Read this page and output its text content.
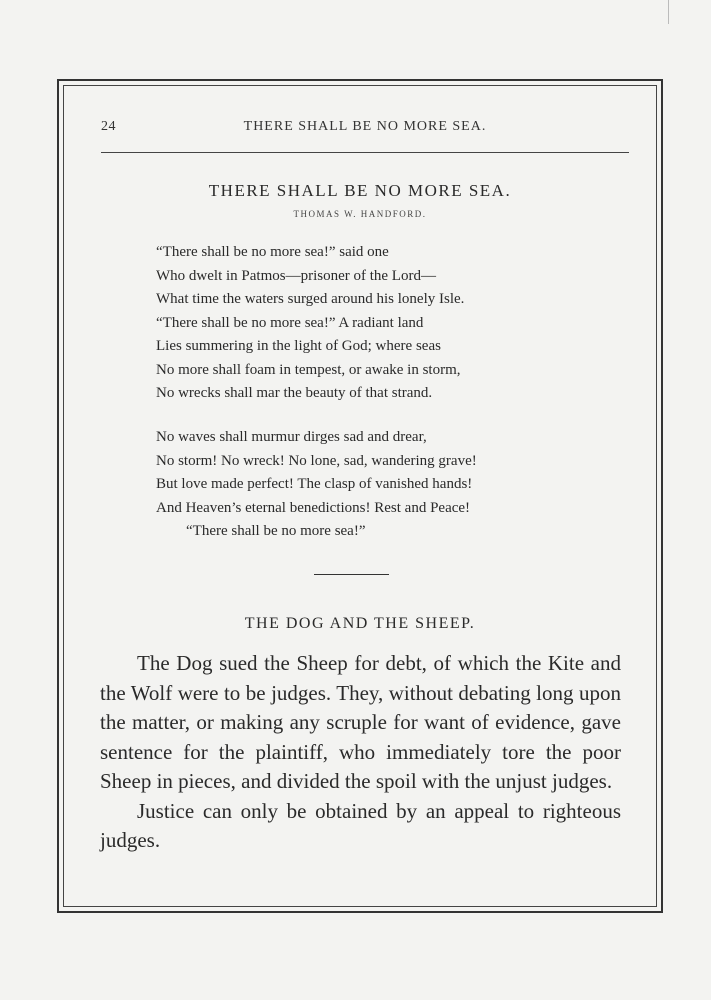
24	THERE SHALL BE NO MORE SEA.
THERE SHALL BE NO MORE SEA.
THOMAS W. HANDFORD.
“There shall be no more sea!” said one
Who dwelt in Patmos—prisoner of the Lord—
What time the waters surged around his lonely Isle.
“There shall be no more sea!” A radiant land
Lies summering in the light of God; where seas
No more shall foam in tempest, or awake in storm,
No wrecks shall mar the beauty of that strand.
No waves shall murmur dirges sad and drear,
No storm! No wreck! No lone, sad, wandering grave!
But love made perfect! The clasp of vanished hands!
And Heaven’s eternal benedictions! Rest and Peace!
“There shall be no more sea!”
THE DOG AND THE SHEEP.

The Dog sued the Sheep for debt, of which the Kite and the Wolf were to be judges. They, without debating long upon the matter, or making any scruple for want of evidence, gave sentence for the plaintiff, who immediately tore the poor Sheep in pieces, and divided the spoil with the unjust judges.

Justice can only be obtained by an appeal to righteous judges.
